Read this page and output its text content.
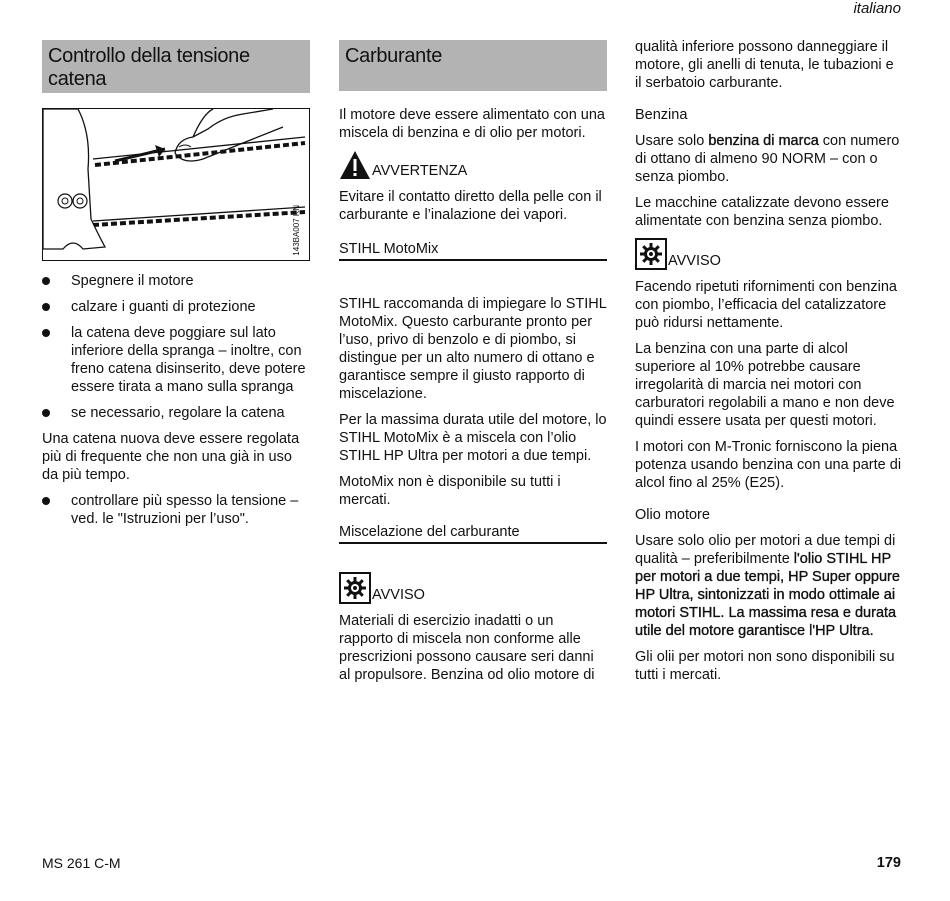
italiano
Controllo della tensione catena
143BA007 KN
Spegnere il motore
calzare i guanti di protezione
la catena deve poggiare sul lato inferiore della spranga – inoltre, con freno catena disinserito, deve potere essere tirata a mano sulla spranga
se necessario, regolare la catena

Una catena nuova deve essere regolata più di frequente che non una già in uso da più tempo.

controllare più spesso la tensione – ved. le "Istruzioni per l’uso".
Carburante

Il motore deve essere alimentato con una miscela di benzina e di olio per motori.

AVVERTENZA

Evitare il contatto diretto della pelle con il carburante e l’inalazione dei vapori.

STIHL MotoMix

STIHL raccomanda di impiegare lo STIHL MotoMix. Questo carburante pronto per l’uso, privo di benzolo e di piombo, si distingue per un alto numero di ottano e garantisce sempre il giusto rapporto di miscelazione.

Per la massima durata utile del motore, lo STIHL MotoMix è a miscela con l’olio STIHL HP Ultra per motori a due tempi.

MotoMix non è disponibile su tutti i mercati.

Miscelazione del carburante
AVVISO

Materiali di esercizio inadatti o un rapporto di miscela non conforme alle prescrizioni possono causare seri danni al propulsore. Benzina od olio motore di

qualità inferiore possono danneggiare il motore, gli anelli di tenuta, le tubazioni e il serbatoio carburante.

Benzina

Usare solo benzina di marca con numero di ottano di almeno 90 NORM – con o senza piombo.

Le macchine catalizzate devono essere alimentate con benzina senza piombo.

AVVISO

Facendo ripetuti rifornimenti con benzina con piombo, l’efficacia del catalizzatore può ridursi nettamente.

La benzina con una parte di alcol superiore al 10% potrebbe causare irregolarità di marcia nei motori con carburatori regolabili a mano e non deve quindi essere usata per questi motori.

I motori con M-Tronic forniscono la piena potenza usando benzina con una parte di alcol fino al 25% (E25).

Olio motore

Usare solo olio per motori a due tempi di qualità – preferibilmente l'olio STIHL HP per motori a due tempi, HP Super oppure HP Ultra, sintonizzati in modo ottimale ai motori STIHL. La massima resa e durata utile del motore garantisce l'HP Ultra.

Gli olii per motori non sono disponibili su tutti i mercati.

MS 261 C-M	179
